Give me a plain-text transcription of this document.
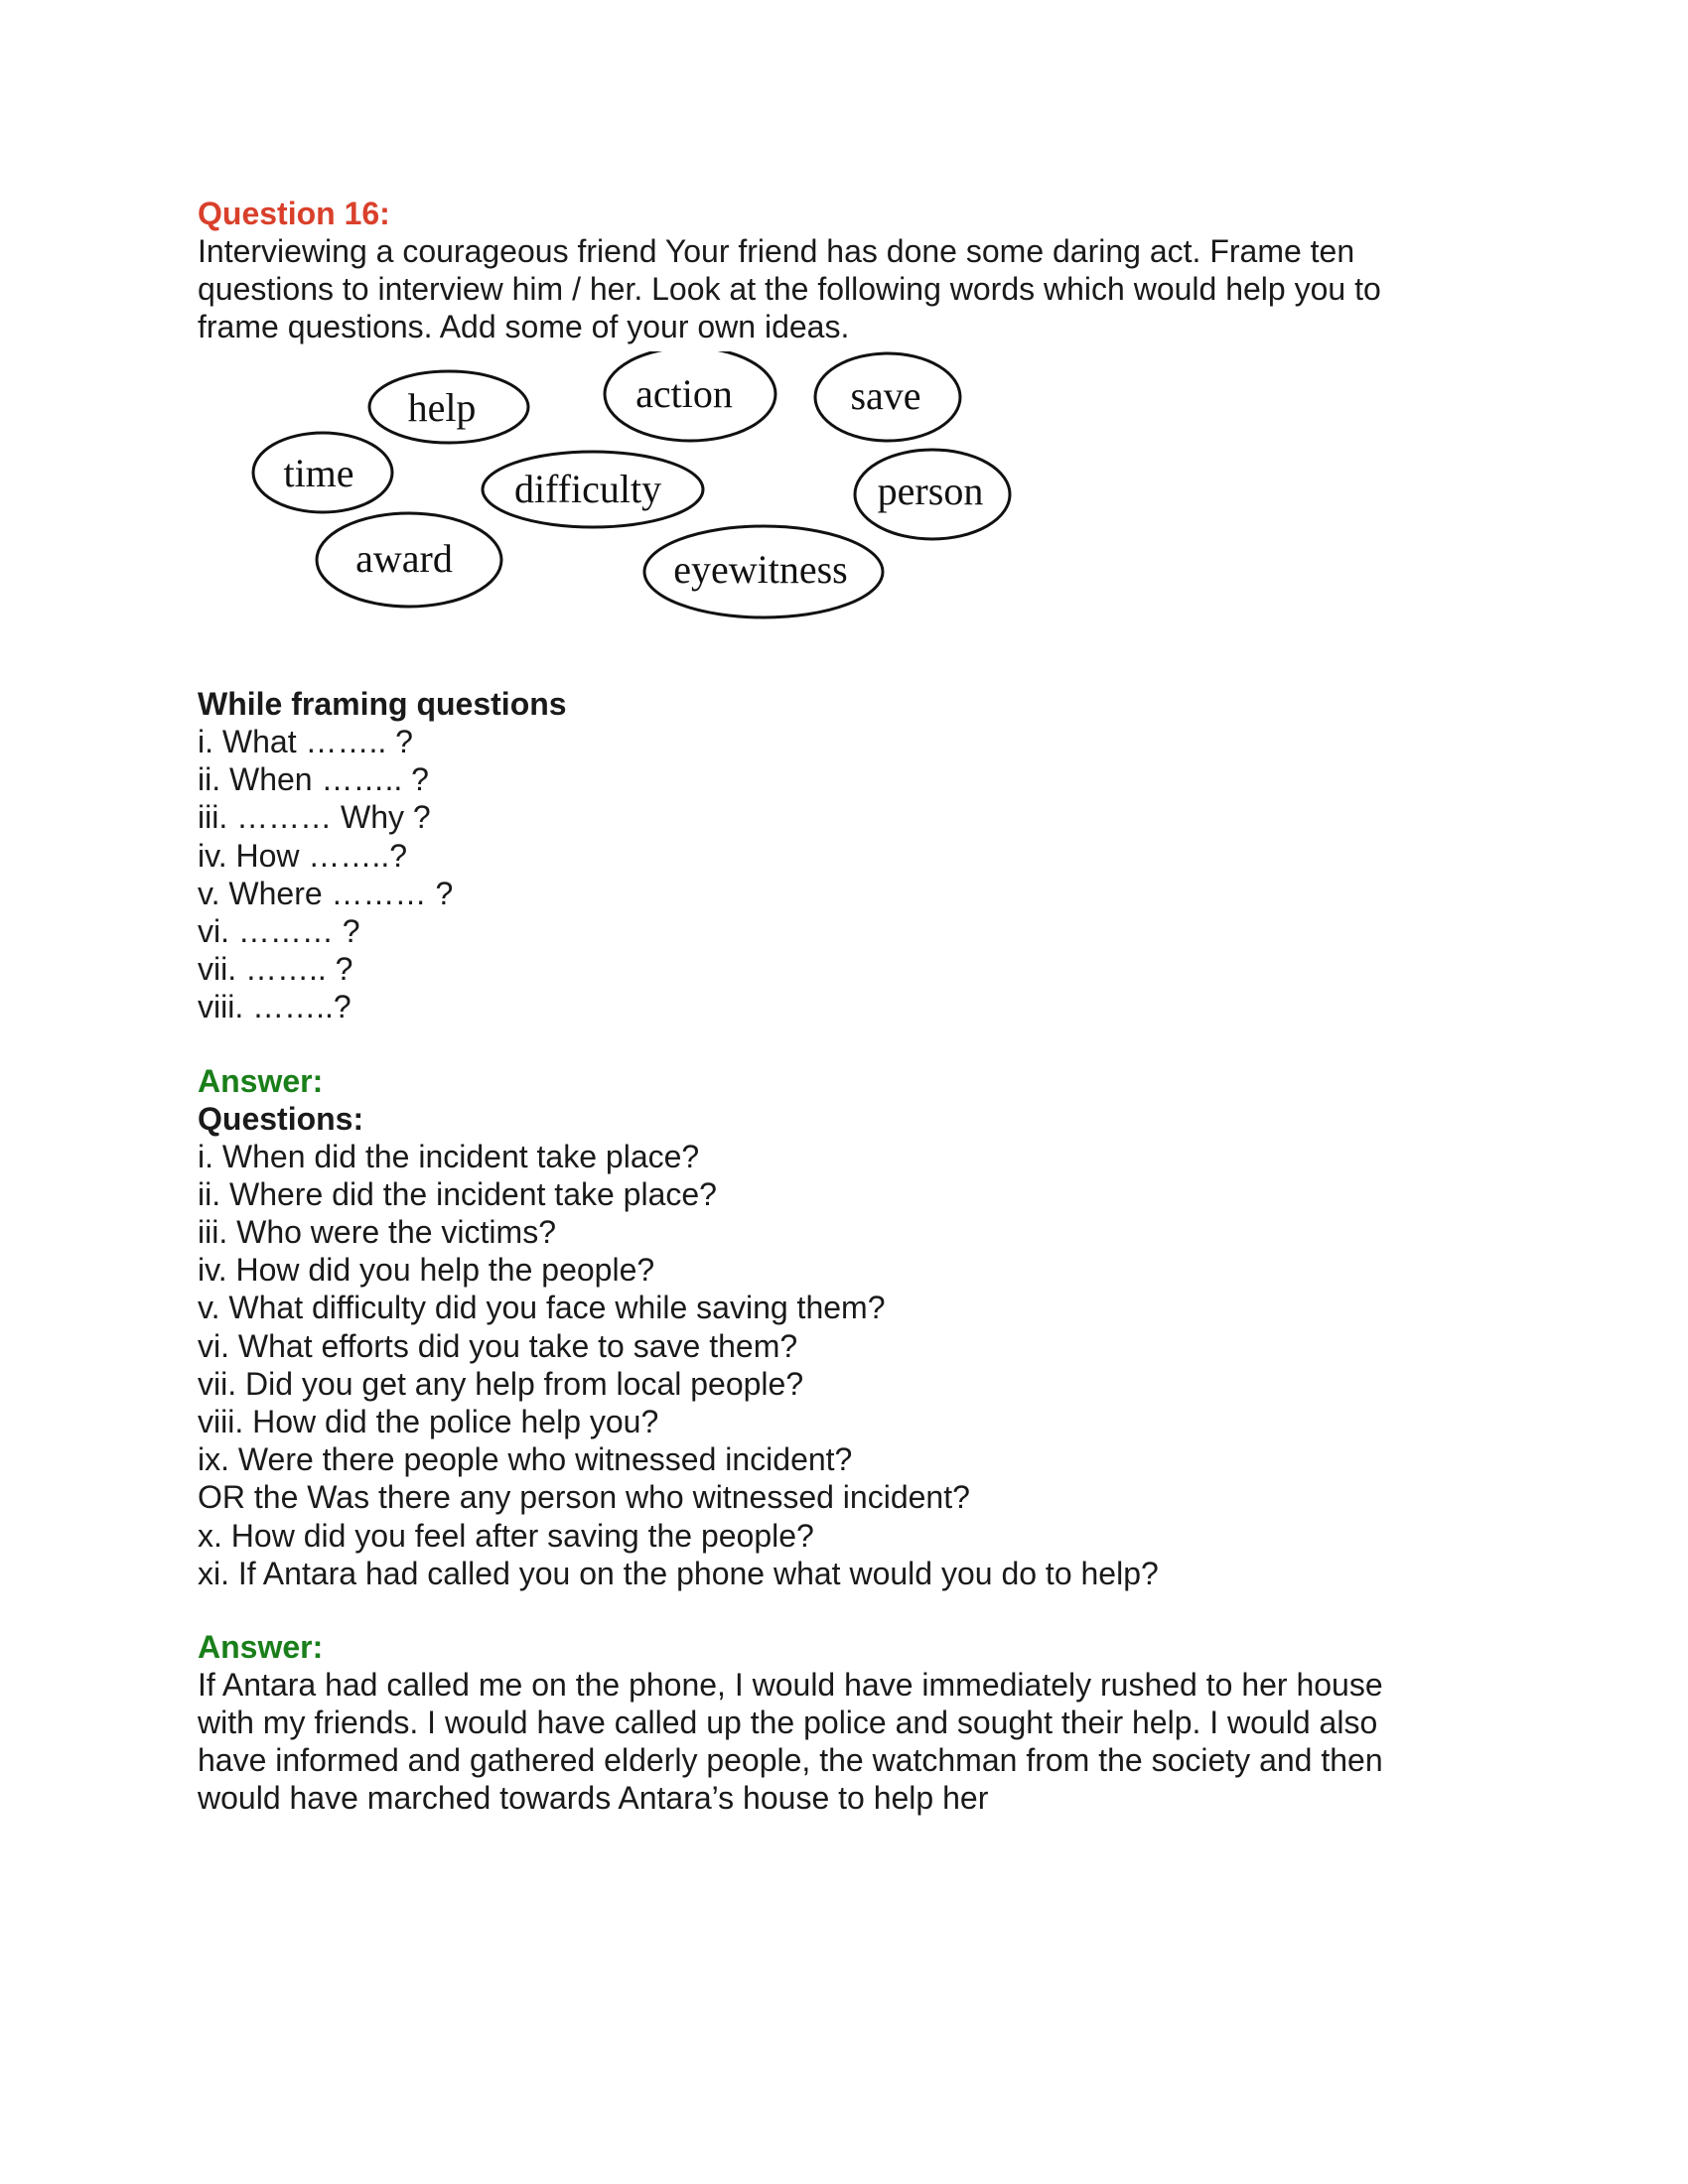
Question 16:

Interviewing a courageous friend Your friend has done some daring act. Frame ten
questions to interview him / her. Look at the following words which would help you to
frame questions. Add some of your own ideas.

help	action	save
time	difficulty	person
award	eyewitness

While framing questions

i. What …….. ?

ii. When …….. ?

iii. ……… Why ?

iv. How ……..?

v. Where ……… ?

vi. ……… ?

vii. …….. ?

viii. ……..?

Answer:

Questions:

i. When did the incident take place?

ii. Where did the incident take place?

iii. Who were the victims?

iv. How did you help the people?

v. What difficulty did you face while saving them?

vi. What efforts did you take to save them?

vii. Did you get any help from local people?

viii. How did the police help you?

ix. Were there people who witnessed incident?

OR the Was there any person who witnessed incident?

x. How did you feel after saving the people?

xi. If Antara had called you on the phone what would you do to help?

Answer:

If Antara had called me on the phone, I would have immediately rushed to her house
with my friends. I would have called up the police and sought their help. I would also
have informed and gathered elderly people, the watchman from the society and then
would have marched towards Antara’s house to help her
